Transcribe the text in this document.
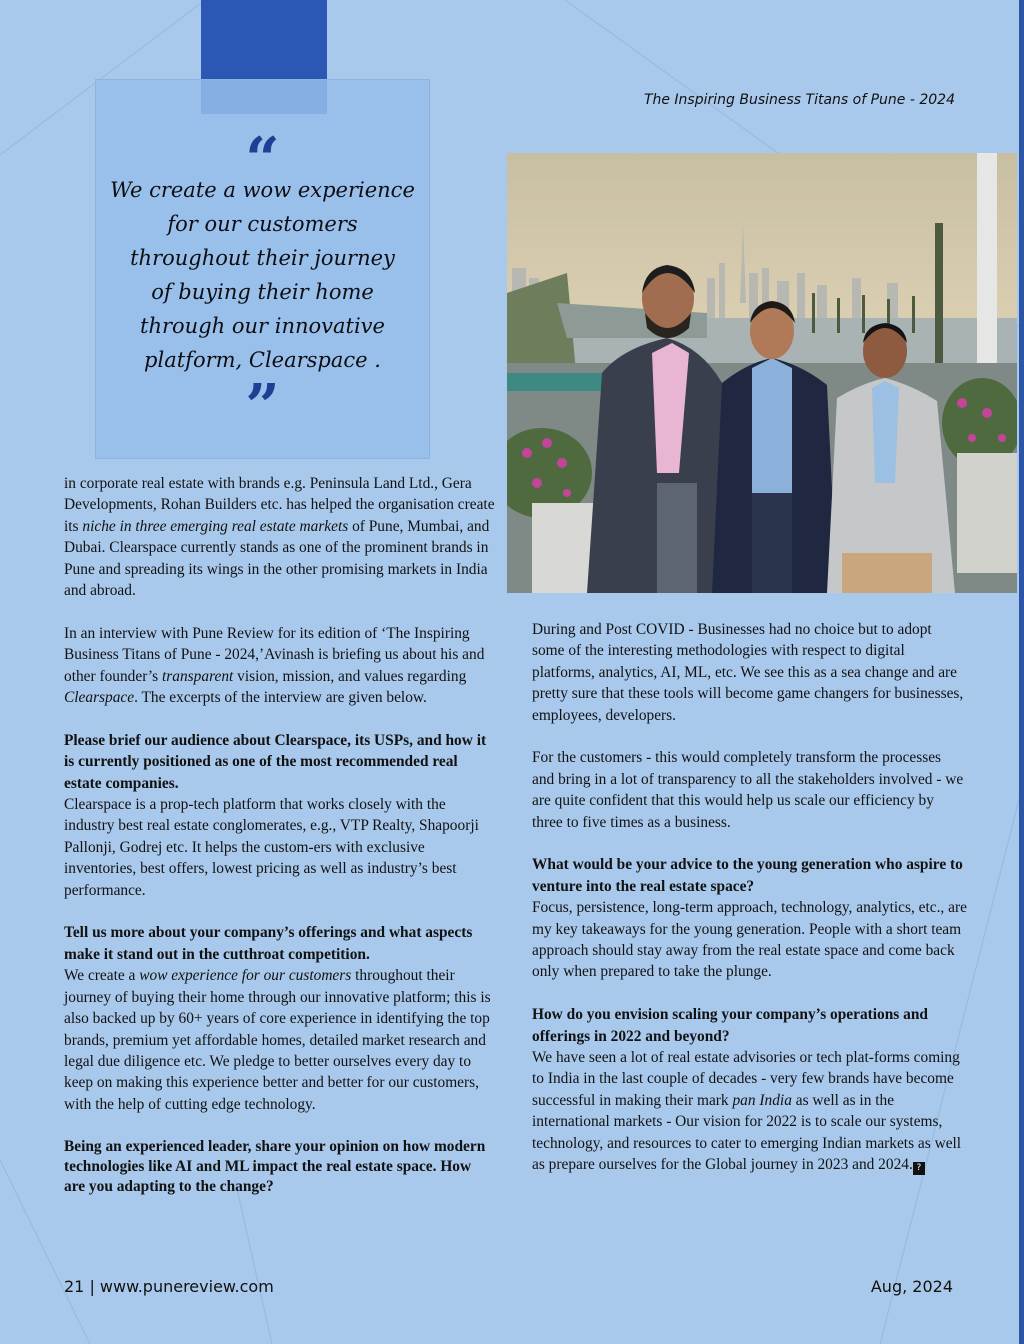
“
We create a wow experience
for our customers
throughout their journey
of buying their home
through our innovative
platform, Clearspace .
”
The Inspiring Business Titans of Pune - 2024

in corporate real estate with brands e.g. Peninsula Land Ltd., Gera Developments, Rohan Builders etc. has helped the organisation create its niche in three emerging real estate markets of Pune, Mumbai, and Dubai. Clearspace currently stands as one of the prominent brands in Pune and spreading its wings in the other promising markets in India and abroad.

In an interview with Pune Review for its edition of ‘The Inspiring Business Titans of Pune - 2024,’Avinash is briefing us about his and other founder’s transparent vision, mission, and values regarding Clearspace. The excerpts of the interview are given below.

Please brief our audience about Clearspace, its USPs, and how it is currently positioned as one of the most recommended real estate companies.

Clearspace is a prop-tech platform that works closely with the industry best real estate conglomerates, e.g., VTP Realty, Shapoorji Pallonji, Godrej etc. It helps the custom-ers with exclusive inventories, best offers, lowest pricing as well as industry’s best performance.

Tell us more about your company’s offerings and what aspects make it stand out in the cutthroat competition.

We create a wow experience for our customers throughout their journey of buying their home through our innovative platform; this is also backed up by 60+ years of core experience in identifying the top brands, premium yet affordable homes, detailed market research and legal due diligence etc. We pledge to better ourselves every day to keep on making this experience better and better for our customers, with the help of cutting edge technology.

Being an experienced leader, share your opinion on how modern technologies like AI and ML impact the real estate space. How are you adapting to the change?

During and Post COVID - Businesses had no choice but to adopt some of the interesting methodologies with respect to digital platforms, analytics, AI, ML, etc. We see this as a sea change and are pretty sure that these tools will become game changers for businesses, employees, developers.

For the customers - this would completely transform the processes and bring in a lot of transparency to all the stakeholders involved - we are quite confident that this would help us scale our efficiency by three to five times as a business.

What would be your advice to the young generation who aspire to venture into the real estate space?

Focus, persistence, long-term approach, technology, analytics, etc., are my key takeaways for the young generation. People with a short team approach should stay away from the real estate space and come back only when prepared to take the plunge.

How do you envision scaling your company’s operations and offerings in 2022 and beyond?

We have seen a lot of real estate advisories or tech plat-forms coming to India in the last couple of decades - very few brands have become successful in making their mark pan India as well as in the international markets - Our vision for 2022 is to scale our systems, technology, and resources to cater to emerging Indian markets as well as prepare ourselves for the Global journey in 2023 and 2024. ?

21 | www.punereview.com	Aug, 2024
